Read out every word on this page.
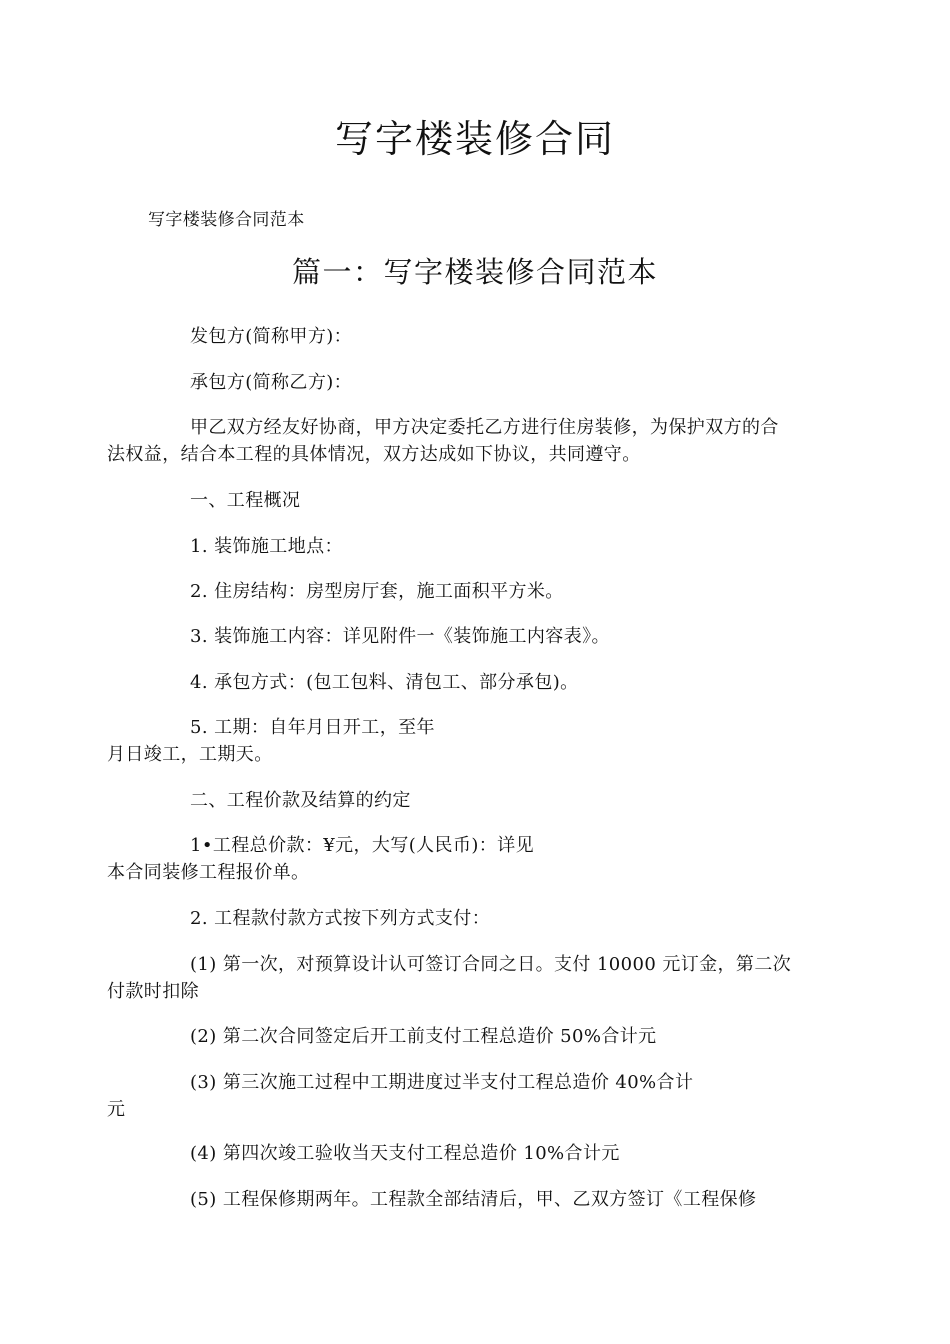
写字楼装修合同
写字楼装修合同范本
篇一：写字楼装修合同范本
发包方(简称甲方)：
承包方(简称乙方)：
甲乙双方经友好协商，甲方决定委托乙方进行住房装修，为保护双方的合
法权益，结合本工程的具体情况，双方达成如下协议，共同遵守。
一、工程概况
1. 装饰施工地点：
2. 住房结构：房型房厅套，施工面积平方米。
3. 装饰施工内容：详见附件一《装饰施工内容表》。
4. 承包方式：(包工包料、清包工、部分承包)。
5. 工期：自年月日开工，至年
月日竣工，工期天。
二、工程价款及结算的约定
1•工程总价款：¥元，大写(人民币)：详见
本合同装修工程报价单。
2. 工程款付款方式按下列方式支付：
(1) 第一次，对预算设计认可签订合同之日。支付 10000 元订金，第二次
付款时扣除
(2) 第二次合同签定后开工前支付工程总造价 50%合计元
(3) 第三次施工过程中工期进度过半支付工程总造价 40%合计
元
(4) 第四次竣工验收当天支付工程总造价 10%合计元
(5) 工程保修期两年。工程款全部结清后，甲、乙双方签订《工程保修
